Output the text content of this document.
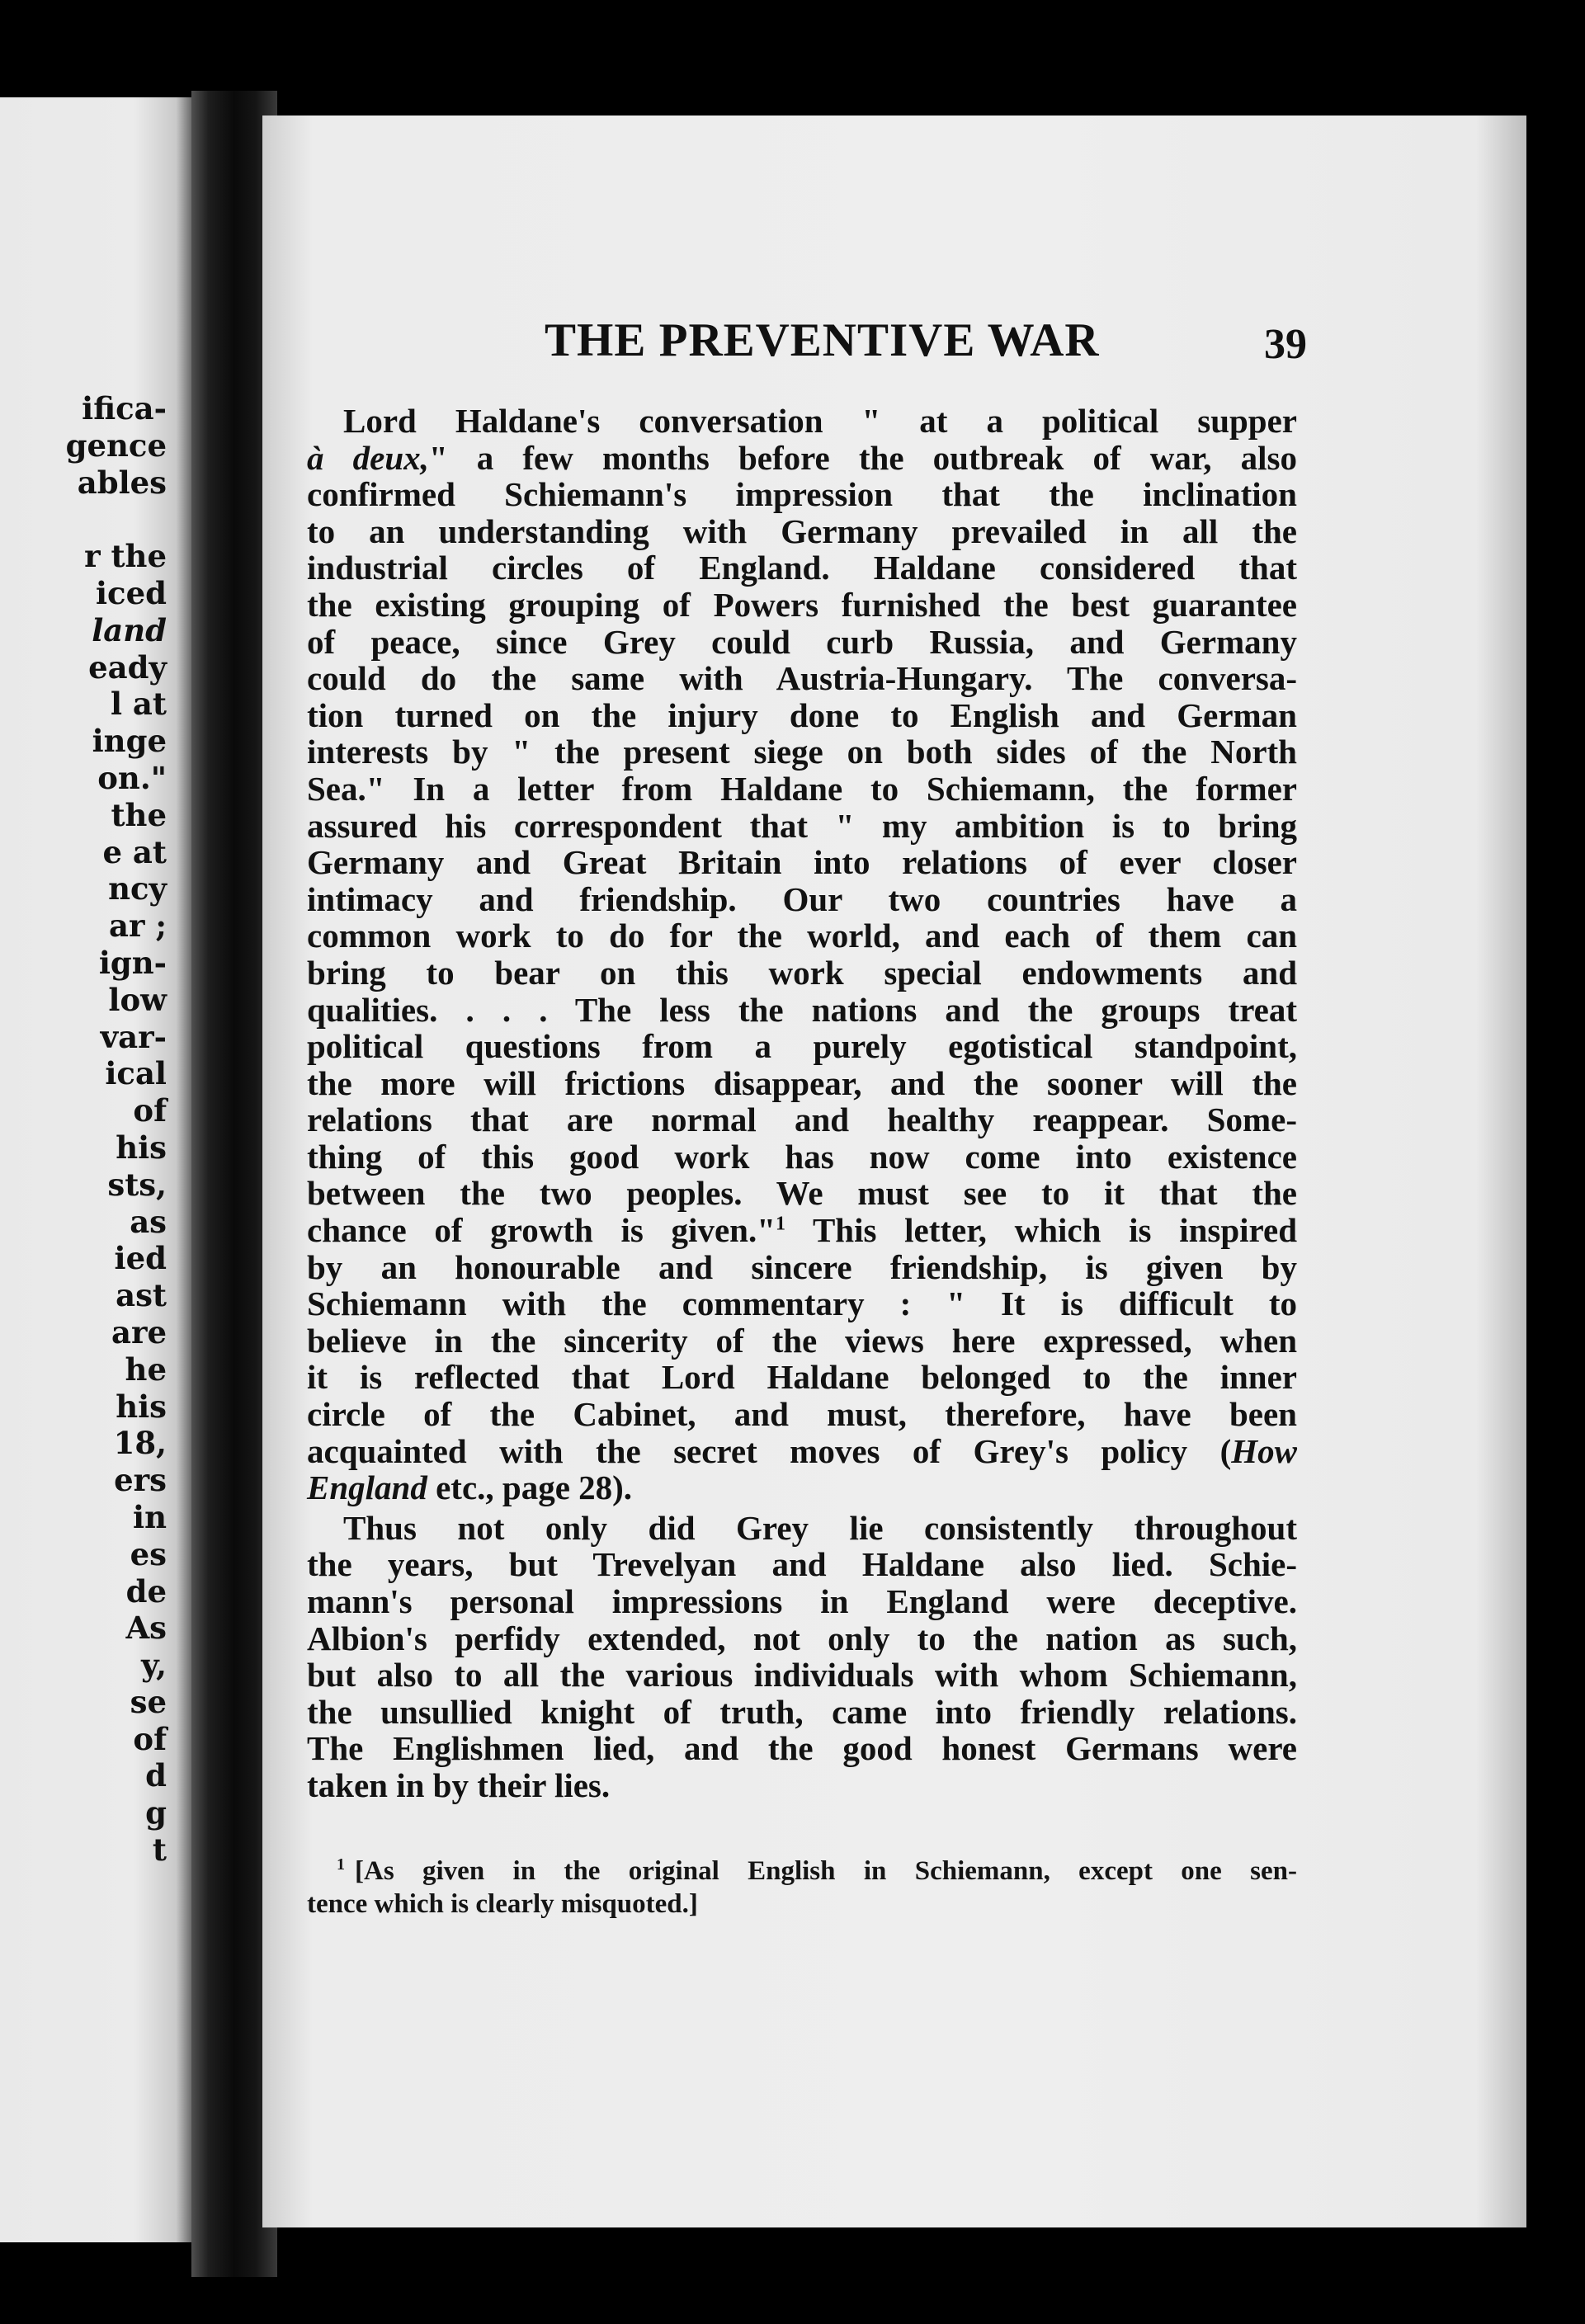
ifica-
gence
ables

r the
iced
land
eady
l at
inge
on."
the
e at
ncy
ar ;
ign-
low
var-
ical
of
his
sts,
as
ied
ast
are
he
his
18,
ers
in
es
de
As
y,
se
of
d
g
t
THE PREVENTIVE WAR	39
Lord Haldane's conversation " at a political supper
à deux," a few months before the outbreak of war, also
confirmed Schiemann's impression that the inclination
to an understanding with Germany prevailed in all the
industrial circles of England. Haldane considered that
the existing grouping of Powers furnished the best guarantee
of peace, since Grey could curb Russia, and Germany
could do the same with Austria-Hungary. The conversa-
tion turned on the injury done to English and German
interests by " the present siege on both sides of the North
Sea." In a letter from Haldane to Schiemann, the former
assured his correspondent that " my ambition is to bring
Germany and Great Britain into relations of ever closer
intimacy and friendship. Our two countries have a
common work to do for the world, and each of them can
bring to bear on this work special endowments and
qualities. . . . The less the nations and the groups treat
political questions from a purely egotistical standpoint,
the more will frictions disappear, and the sooner will the
relations that are normal and healthy reappear. Some-
thing of this good work has now come into existence
between the two peoples. We must see to it that the
chance of growth is given."$^1$ This letter, which is inspired
by an honourable and sincere friendship, is given by
Schiemann with the commentary : " It is difficult to
believe in the sincerity of the views here expressed, when
it is reflected that Lord Haldane belonged to the inner
circle of the Cabinet, and must, therefore, have been
acquainted with the secret moves of Grey's policy (How
England etc., page 28).
Thus not only did Grey lie consistently throughout
the years, but Trevelyan and Haldane also lied. Schie-
mann's personal impressions in England were deceptive.
Albion's perfidy extended, not only to the nation as such,
but also to all the various individuals with whom Schiemann,
the unsullied knight of truth, came into friendly relations.
The Englishmen lied, and the good honest Germans were
taken in by their lies.
$^1$ [As given in the original English in Schiemann, except one sen-
tence which is clearly misquoted.]
